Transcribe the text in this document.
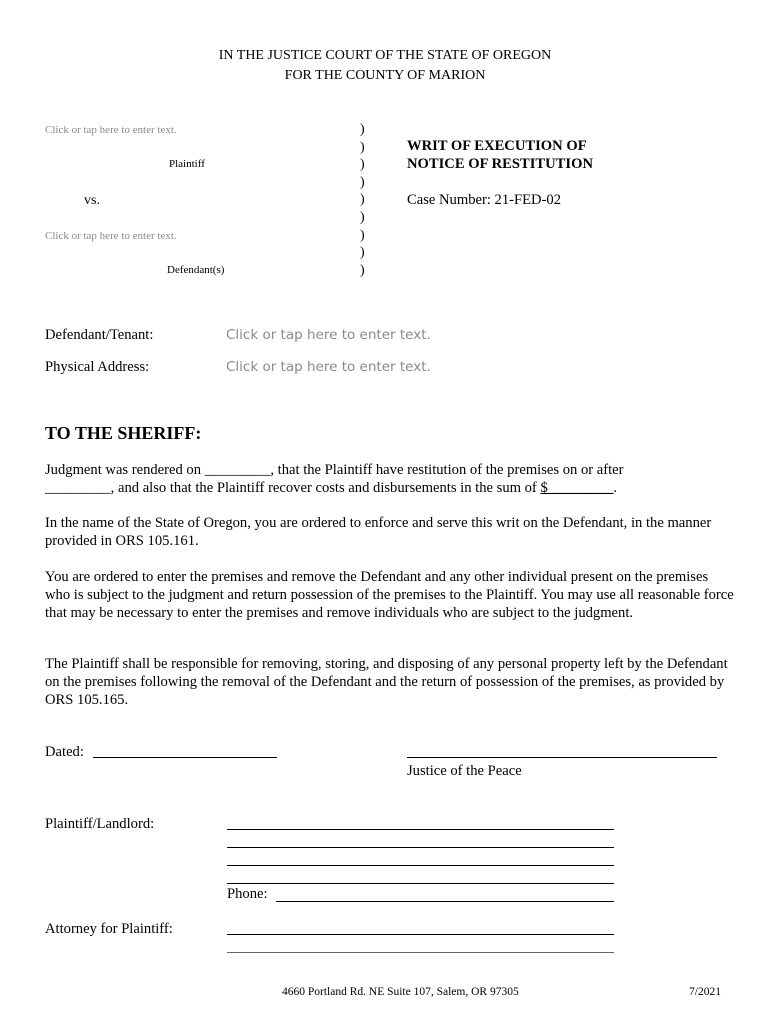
IN THE JUSTICE COURT OF THE STATE OF OREGON
FOR THE COUNTY OF MARION
Click or tap here to enter text.
Plaintiff
vs.
Click or tap here to enter text.
Defendant(s)
)
)
)
)
)
)
)
)
)
WRIT OF EXECUTION OF
NOTICE OF RESTITUTION
Case Number: 21-FED-02
Defendant/Tenant:	Click or tap here to enter text.
Physical Address:	Click or tap here to enter text.
TO THE SHERIFF:
Judgment was rendered on _________, that the Plaintiff have restitution of the premises on or after
_________, and also that the Plaintiff recover costs and disbursements in the sum of $_________.
In the name of the State of Oregon, you are ordered to enforce and serve this writ on the Defendant, in the manner provided in ORS 105.161.
You are ordered to enter the premises and remove the Defendant and any other individual present on the premises who is subject to the judgment and return possession of the premises to the Plaintiff. You may use all reasonable force that may be necessary to enter the premises and remove individuals who are subject to the judgment.
The Plaintiff shall be responsible for removing, storing, and disposing of any personal property left by the Defendant on the premises following the removal of the Defendant and the return of possession of the premises, as provided by ORS 105.165.
Dated:
Justice of the Peace
Plaintiff/Landlord:
Phone:
Attorney for Plaintiff:
4660 Portland Rd. NE Suite 107, Salem, OR 97305	7/2021
